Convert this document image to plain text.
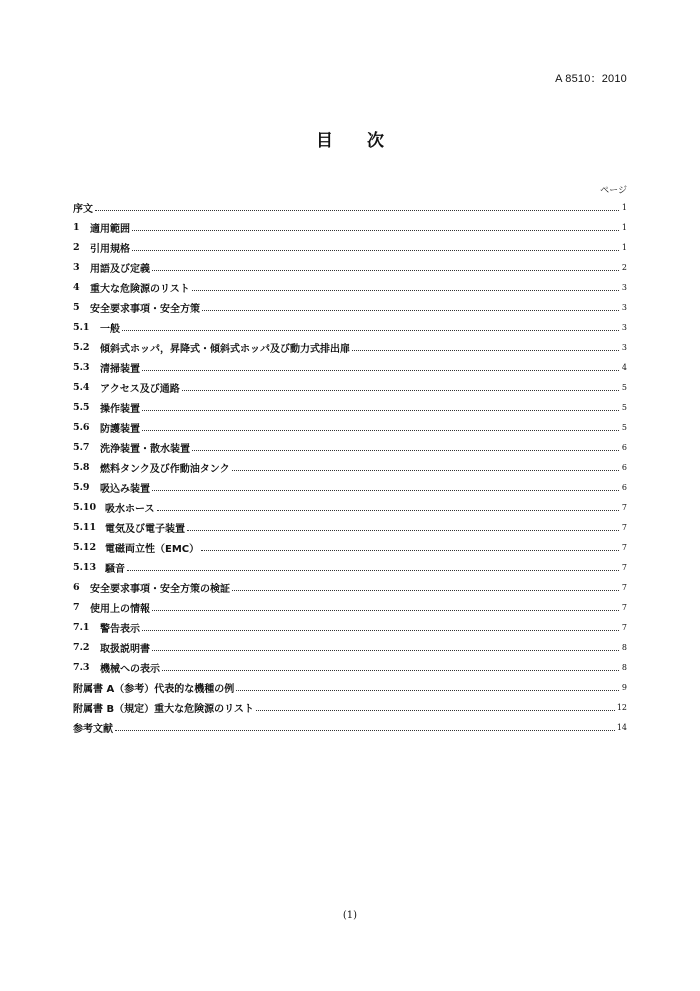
A 8510：2010
目 次
ページ
序文	1
1	適用範囲	1
2	引用規格	1
3	用語及び定義	2
4	重大な危険源のリスト	3
5	安全要求事項・安全方策	3
5.1	一般	3
5.2	傾斜式ホッパ，昇降式・傾斜式ホッパ及び動力式排出扉	3
5.3	清掃装置	4
5.4	アクセス及び通路	5
5.5	操作装置	5
5.6	防護装置	5
5.7	洗浄装置・散水装置	6
5.8	燃料タンク及び作動油タンク	6
5.9	吸込み装置	6
5.10 吸水ホース	7
5.11 電気及び電子装置	7
5.12 電磁両立性（EMC）	7
5.13 騒音	7
6	安全要求事項・安全方策の検証	7
7	使用上の情報	7
7.1	警告表示	7
7.2	取扱説明書	8
7.3	機械への表示	8
附属書 A（参考）代表的な機種の例	9
附属書 B（規定）重大な危険源のリスト	12
参考文献	14
(1)
